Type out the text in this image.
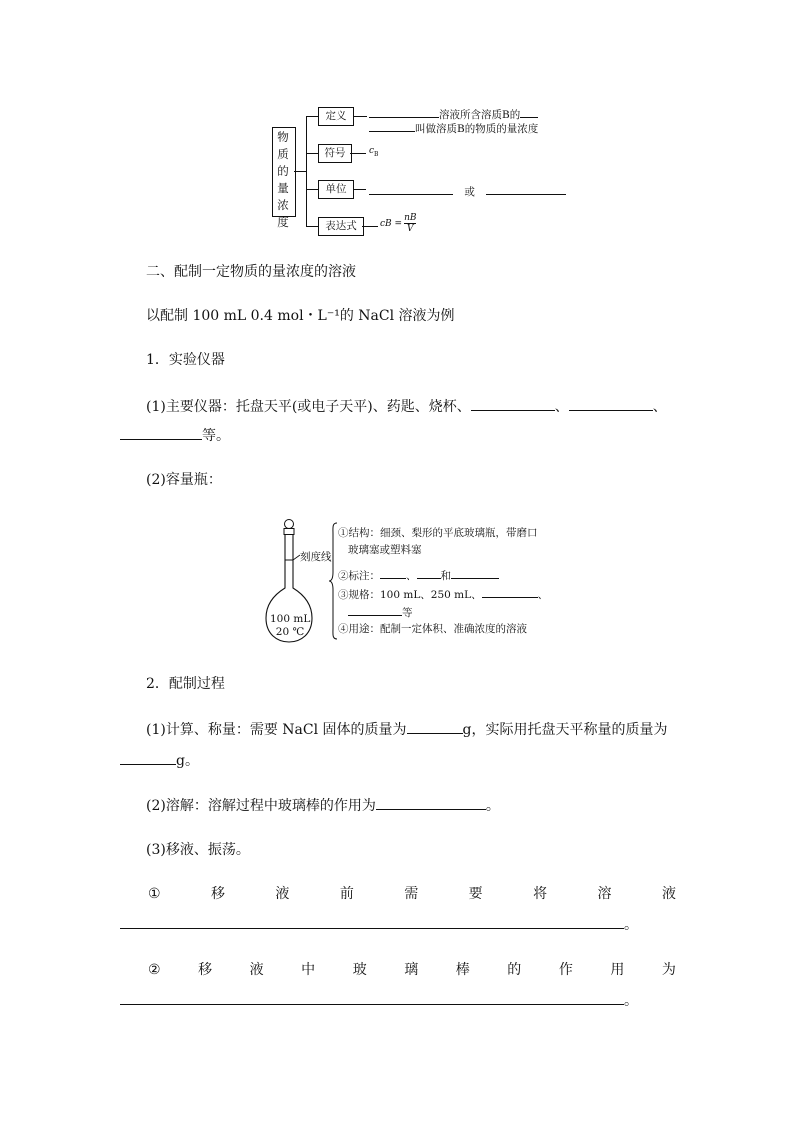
物质的量浓度
定义	溶液所含溶质B的
叫做溶质B的物质的量浓度
符号	$c_B$
单位	或
表达式	cB = $\frac{nB}{V}$
二、配制一定物质的量浓度的溶液
以配制 100 mL 0.4 mol・L⁻¹的 NaCl 溶液为例
1．实验仪器
(1)主要仪器：托盘天平(或电子天平)、药匙、烧杯、	、	、
等。
(2)容量瓶：
刻度线
100 mL
20 ℃
①结构：细颈、梨形的平底玻璃瓶，带磨口
玻璃塞或塑料塞
②标注： 、 和
③规格：100 mL、250 mL、	、
等
④用途：配制一定体积、准确浓度的溶液
2．配制过程
(1)计算、称量：需要 NaCl 固体的质量为	g，实际用托盘天平称量的质量为
g。
(2)溶解：溶解过程中玻璃棒的作用为	。
(3)移液、振荡。
①	移	液	前	需	要	将	溶	液
。
②	移	液	中	玻	璃	棒	的	作	用	为
。
